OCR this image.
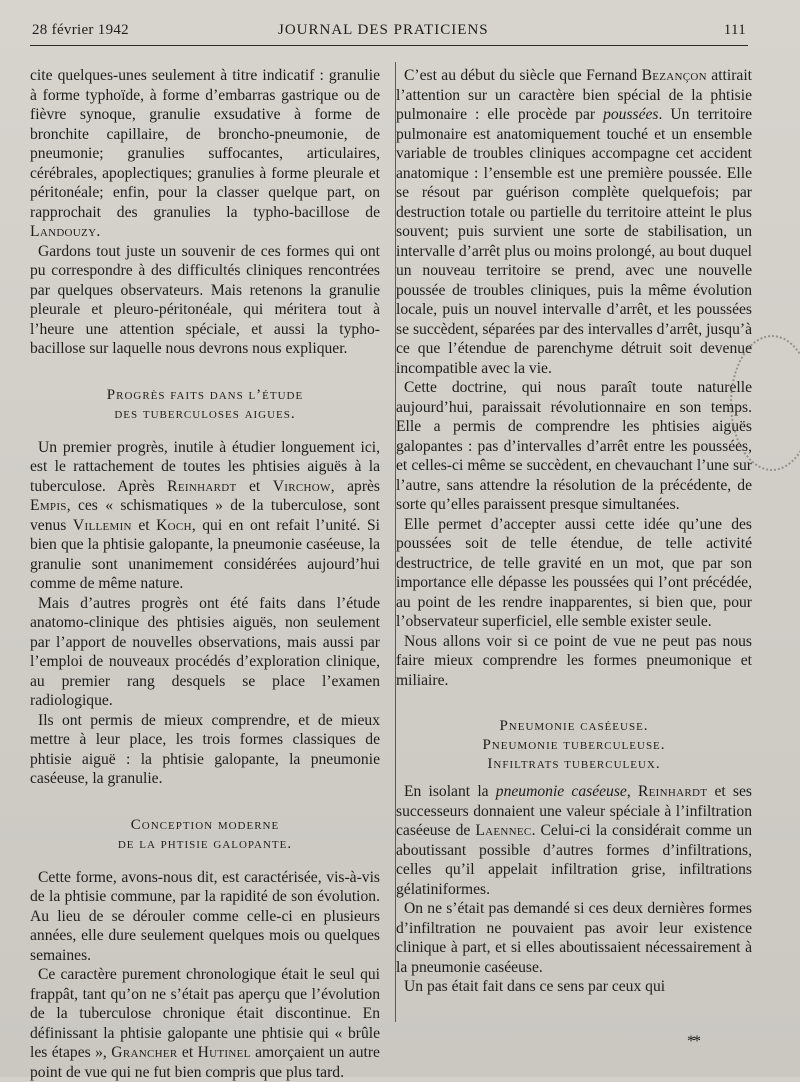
28 février 1942	JOURNAL DES PRATICIENS	111

cite quelques-unes seulement à titre indicatif : granulie à forme typhoïde, à forme d’embarras gastrique ou de fièvre synoque, granulie exsudative à forme de bronchite capillaire, de broncho-pneumonie, de pneumonie; granulies suffocantes, articulaires, cérébrales, apoplectiques; granulies à forme pleurale et péritonéale; enfin, pour la classer quelque part, on rapprochait des granulies la typho-bacillose de Landouzy.

Gardons tout juste un souvenir de ces formes qui ont pu correspondre à des difficultés cliniques rencontrées par quelques observateurs. Mais retenons la granulie pleurale et pleuro-péritonéale, qui méritera tout à l’heure une attention spéciale, et aussi la typho-bacillose sur laquelle nous devrons nous expliquer.

Progrès faits dans l’étude
des tuberculoses aigues.

Un premier progrès, inutile à étudier longuement ici, est le rattachement de toutes les phtisies aiguës à la tuberculose. Après Reinhardt et Virchow, après Empis, ces « schismatiques » de la tuberculose, sont venus Villemin et Koch, qui en ont refait l’unité. Si bien que la phtisie galopante, la pneumonie caséeuse, la granulie sont unanimement considérées aujourd’hui comme de même nature.

Mais d’autres progrès ont été faits dans l’étude anatomo-clinique des phtisies aiguës, non seulement par l’apport de nouvelles observations, mais aussi par l’emploi de nouveaux procédés d’exploration clinique, au premier rang desquels se place l’examen radiologique.

Ils ont permis de mieux comprendre, et de mieux mettre à leur place, les trois formes classiques de phtisie aiguë : la phtisie galopante, la pneumonie caséeuse, la granulie.

Conception moderne
de la phtisie galopante.

Cette forme, avons-nous dit, est caractérisée, vis-à-vis de la phtisie commune, par la rapidité de son évolution. Au lieu de se dérouler comme celle-ci en plusieurs années, elle dure seulement quelques mois ou quelques semaines.

Ce caractère purement chronologique était le seul qui frappât, tant qu’on ne s’était pas aperçu que l’évolution de la tuberculose chronique était discontinue. En définissant la phtisie galopante une phtisie qui « brûle les étapes », Grancher et Hutinel amorçaient un autre point de vue qui ne fut bien compris que plus tard.

C’est au début du siècle que Fernand Bezançon attirait l’attention sur un caractère bien spécial de la phtisie pulmonaire : elle procède par poussées. Un territoire pulmonaire est anatomiquement touché et un ensemble variable de troubles cliniques accompagne cet accident anatomique : l’ensemble est une première poussée. Elle se résout par guérison complète quelquefois; par destruction totale ou partielle du territoire atteint le plus souvent; puis survient une sorte de stabilisation, un intervalle d’arrêt plus ou moins prolongé, au bout duquel un nouveau territoire se prend, avec une nouvelle poussée de troubles cliniques, puis la même évolution locale, puis un nouvel intervalle d’arrêt, et les poussées se succèdent, séparées par des intervalles d’arrêt, jusqu’à ce que l’étendue de parenchyme détruit soit devenue incompatible avec la vie.

Cette doctrine, qui nous paraît toute naturelle aujourd’hui, paraissait révolutionnaire en son temps. Elle a permis de comprendre les phtisies aiguës galopantes : pas d’intervalles d’arrêt entre les poussées, et celles-ci même se succèdent, en chevauchant l’une sur l’autre, sans attendre la résolution de la précédente, de sorte qu’elles paraissent presque simultanées.

Elle permet d’accepter aussi cette idée qu’une des poussées soit de telle étendue, de telle activité destructrice, de telle gravité en un mot, que par son importance elle dépasse les poussées qui l’ont précédée, au point de les rendre inapparentes, si bien que, pour l’observateur superficiel, elle semble exister seule.

Nous allons voir si ce point de vue ne peut pas nous faire mieux comprendre les formes pneumonique et miliaire.

Pneumonie caséeuse.
Pneumonie tuberculeuse.
Infiltrats tuberculeux.

En isolant la pneumonie caséeuse, Reinhardt et ses successeurs donnaient une valeur spéciale à l’infiltration caséeuse de Laennec. Celui-ci la considérait comme un aboutissant possible d’autres formes d’infiltrations, celles qu’il appelait infiltration grise, infiltrations gélatiniformes.

On ne s’était pas demandé si ces deux dernières formes d’infiltration ne pouvaient pas avoir leur existence clinique à part, et si elles aboutissaient nécessairement à la pneumonie caséeuse.

Un pas était fait dans ce sens par ceux qui

**
